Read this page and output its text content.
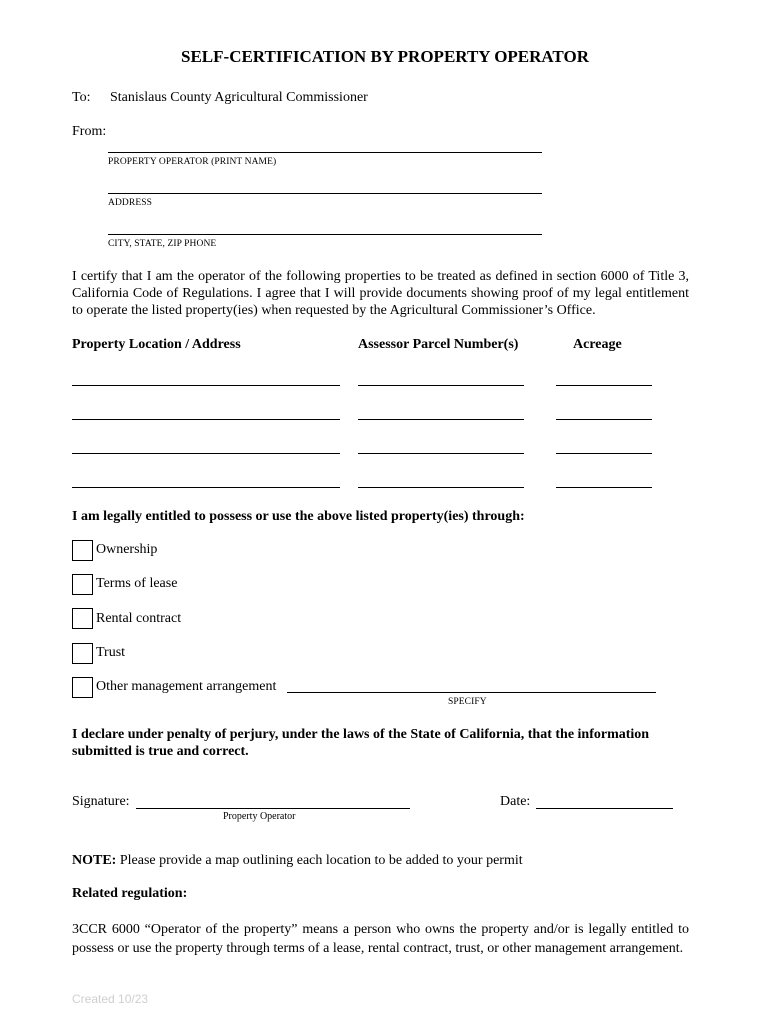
SELF-CERTIFICATION BY PROPERTY OPERATOR
To: Stanislaus County Agricultural Commissioner
From:
PROPERTY OPERATOR (PRINT NAME)
ADDRESS
CITY, STATE, ZIP PHONE
I certify that I am the operator of the following properties to be treated as defined in section 6000 of Title 3, California Code of Regulations. I agree that I will provide documents showing proof of my legal entitlement to operate the listed property(ies) when requested by the Agricultural Commissioner’s Office.
Property Location / Address	Assessor Parcel Number(s)	Acreage
I am legally entitled to possess or use the above listed property(ies) through:
Ownership
Terms of lease
Rental contract
Trust
Other management arrangement
SPECIFY
I declare under penalty of perjury, under the laws of the State of California, that the information submitted is true and correct.
Signature:
Property Operator
Date:
NOTE: Please provide a map outlining each location to be added to your permit
Related regulation:
3CCR 6000 “Operator of the property” means a person who owns the property and/or is legally entitled to possess or use the property through terms of a lease, rental contract, trust, or other management arrangement.
Created 10/23
